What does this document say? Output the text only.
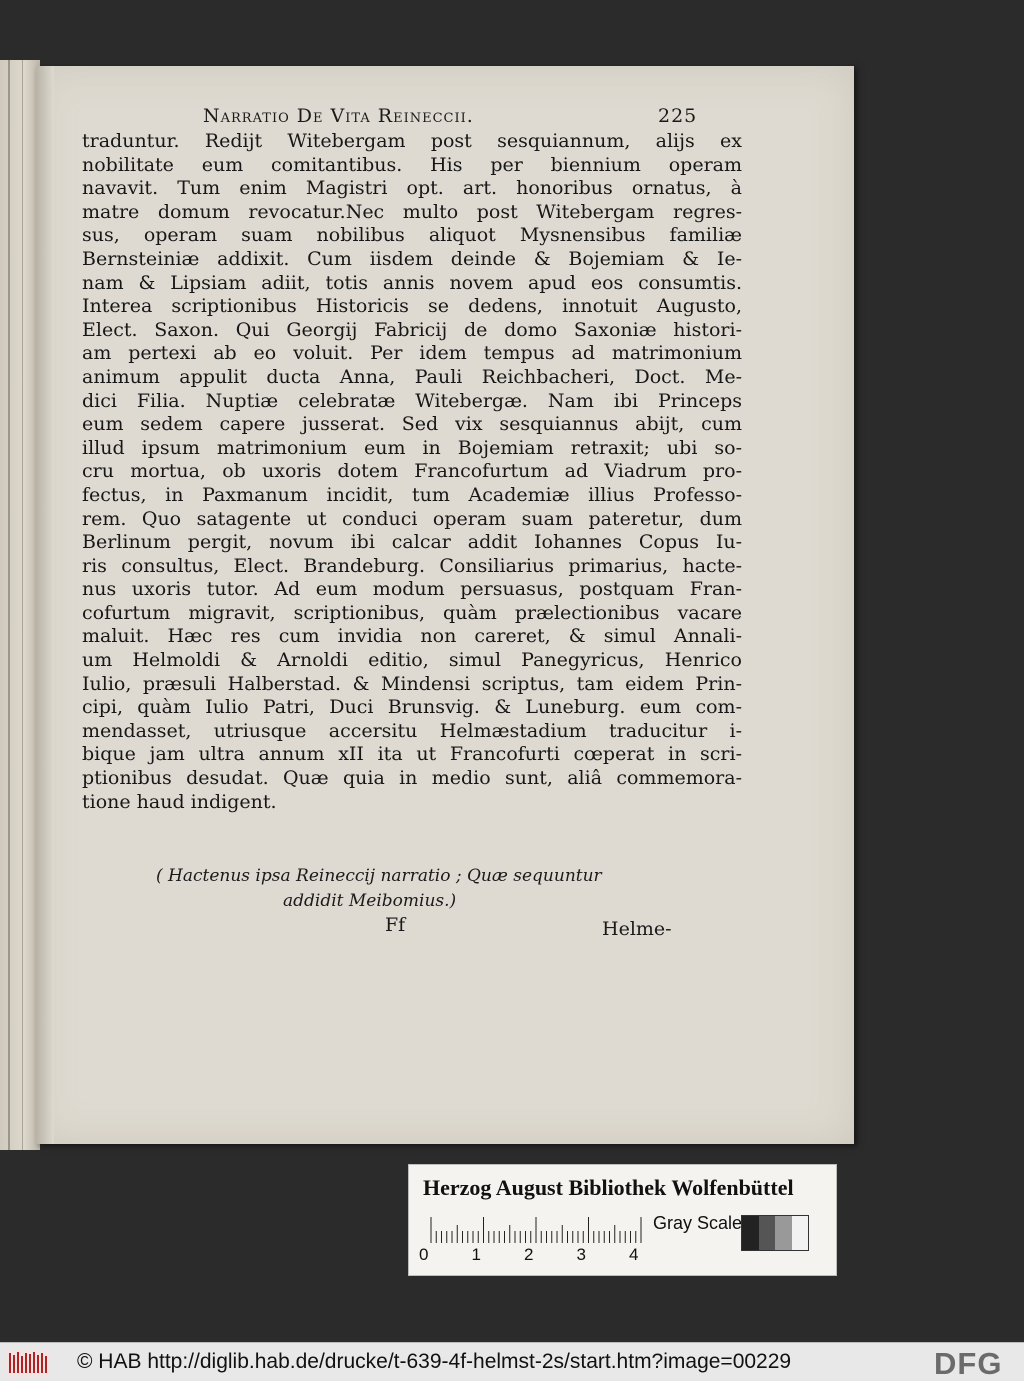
Narratio De Vita Reineccii.	225
traduntur. Redijt Witebergam post sesquiannum, alijs ex
nobilitate eum comitantibus. His per biennium operam
navavit. Tum enim Magistri opt. art. honoribus ornatus, à
matre domum revocatur.Nec multo post Witebergam regres-
sus, operam suam nobilibus aliquot Mysnensibus familiæ
Bernsteiniæ addixit. Cum iisdem deinde & Bojemiam & Ie-
nam & Lipsiam adiit, totis annis novem apud eos consumtis.
Interea scriptionibus Historicis se dedens, innotuit Augusto,
Elect. Saxon. Qui Georgij Fabricij de domo Saxoniæ histori-
am pertexi ab eo voluit. Per idem tempus ad matrimonium
animum appulit ducta Anna, Pauli Reichbacheri, Doct. Me-
dici Filia. Nuptiæ celebratæ Witebergæ. Nam ibi Princeps
eum sedem capere jusserat. Sed vix sesquiannus abijt, cum
illud ipsum matrimonium eum in Bojemiam retraxit; ubi so-
cru mortua, ob uxoris dotem Francofurtum ad Viadrum pro-
fectus, in Paxmanum incidit, tum Academiæ illius Professo-
rem. Quo satagente ut conduci operam suam pateretur, dum
Berlinum pergit, novum ibi calcar addit Iohannes Copus Iu-
ris consultus, Elect. Brandeburg. Consiliarius primarius, hacte-
nus uxoris tutor. Ad eum modum persuasus, postquam Fran-
cofurtum migravit, scriptionibus, quàm prælectionibus vacare
maluit. Hæc res cum invidia non careret, & simul Annali-
um Helmoldi & Arnoldi editio, simul Panegyricus, Henrico
Iulio, præsuli Halberstad. & Mindensi scriptus, tam eidem Prin-
cipi, quàm Iulio Patri, Duci Brunsvig. & Luneburg. eum com-
mendasset, utriusque accersitu Helmæstadium traducitur i-
bique jam ultra annum xII ita ut Francofurti cœperat in scri-
ptionibus desudat. Quæ quia in medio sunt, aliâ commemora-
tione haud indigent.
( Hactenus ipsa Reineccij narratio ; Quæ sequuntur
addidit Meibomius.)
Ff	Helme-
Herzog August Bibliothek Wolfenbüttel
0	1	2	3	4
Gray Scale
© HAB http://diglib.hab.de/drucke/t-639-4f-helmst-2s/start.htm?image=00229	DFG
